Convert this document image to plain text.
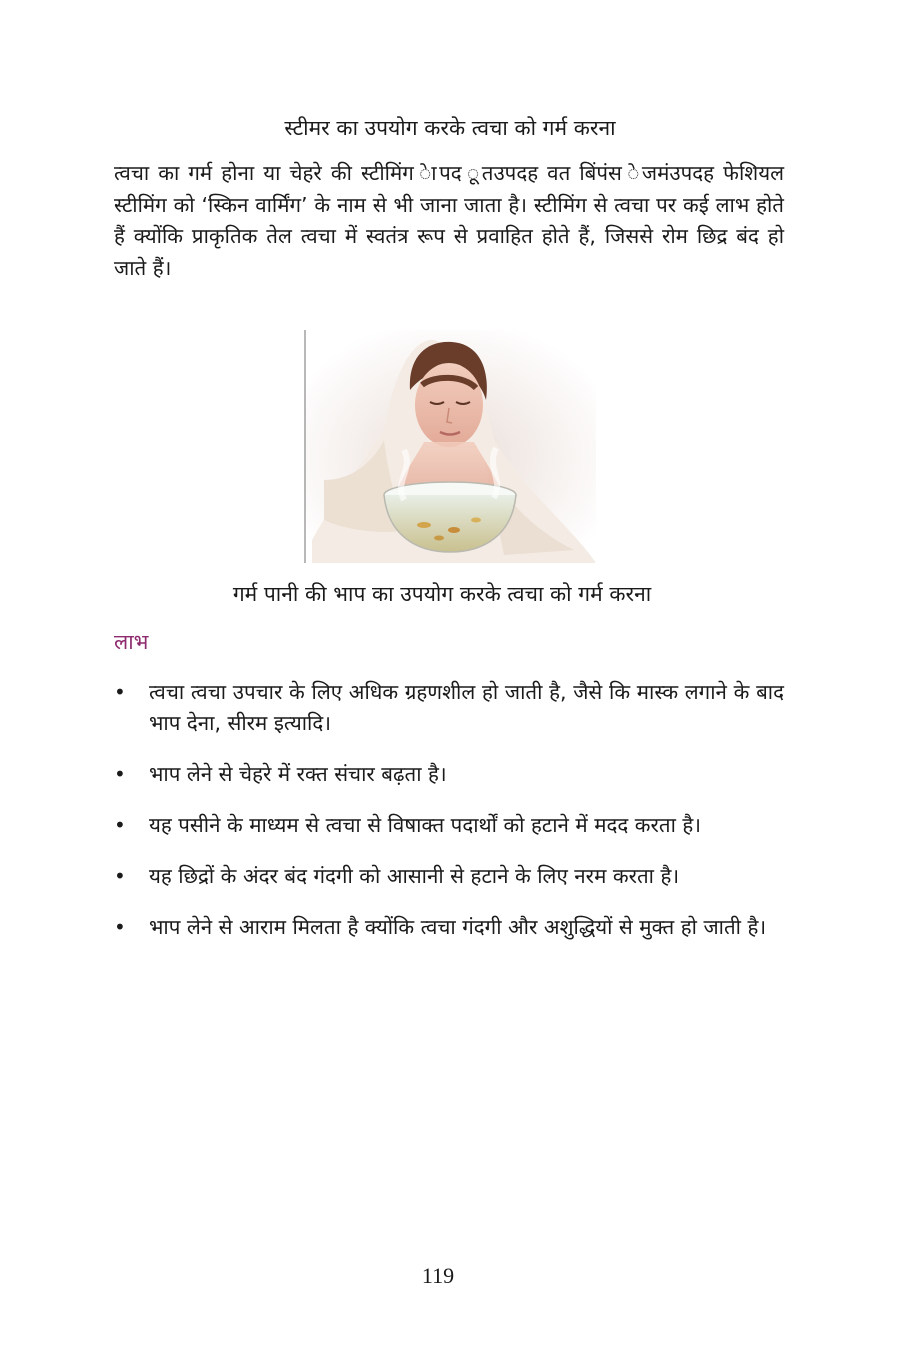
स्टीमर का उपयोग करके त्वचा को गर्म करना

त्वचा का गर्म होना या चेहरे की स्टीमिंग ेापद ूतउपदह वत बिंपंस ेजमंउपदह फेशियल स्टीमिंग को ‘स्किन वार्मिंग’ के नाम से भी जाना जाता है। स्टीमिंग से त्वचा पर कई लाभ होते हैं क्योंकि प्राकृतिक तेल त्वचा में स्वतंत्र रूप से प्रवाहित होते हैं, जिससे रोम छिद्र बंद हो जाते हैं।

गर्म पानी की भाप का उपयोग करके त्वचा को गर्म करना
लाभ
• त्वचा त्वचा उपचार के लिए अधिक ग्रहणशील हो जाती है, जैसे कि मास्क लगाने के बाद भाप देना, सीरम इत्यादि।
• भाप लेने से चेहरे में रक्त संचार बढ़ता है।
• यह पसीने के माध्यम से त्वचा से विषाक्त पदार्थों को हटाने में मदद करता है।
• यह छिद्रों के अंदर बंद गंदगी को आसानी से हटाने के लिए नरम करता है।
• भाप लेने से आराम मिलता है क्योंकि त्वचा गंदगी और अशुद्धियों से मुक्त हो जाती है।
119
